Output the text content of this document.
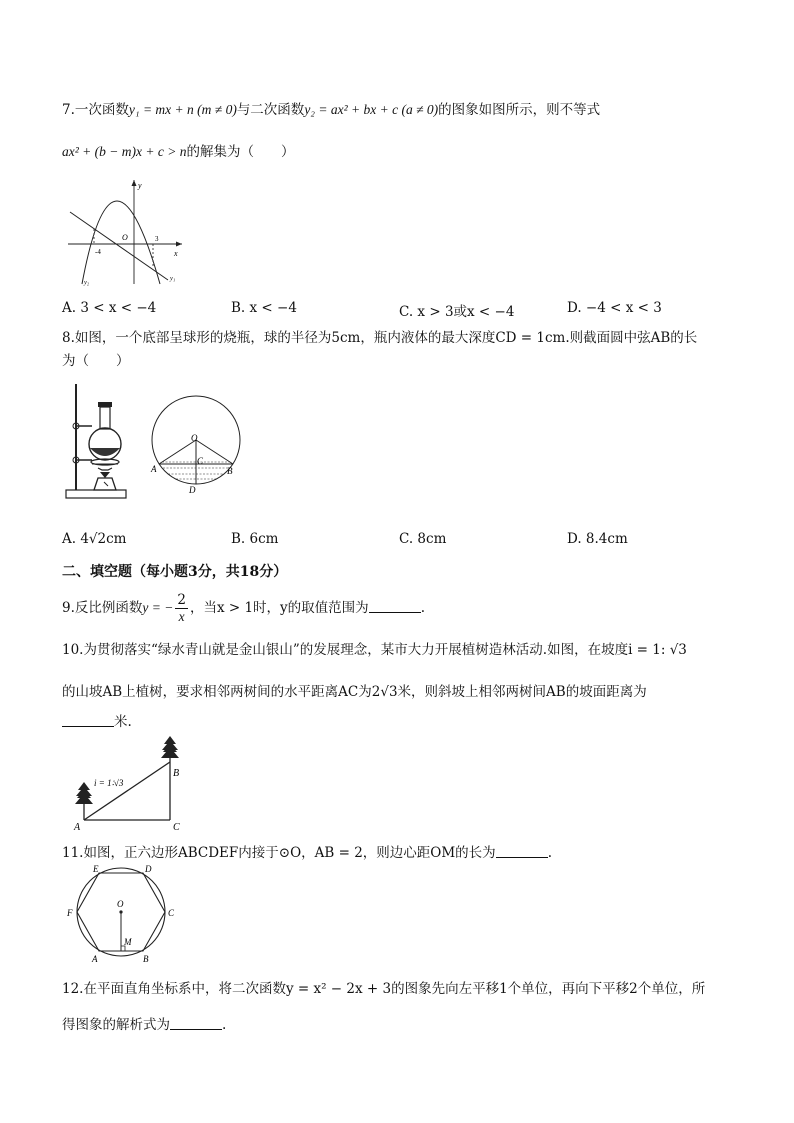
7.一次函数y₁ = mx + n (m ≠ 0)与二次函数y₂ = ax² + bx + c (a ≠ 0)的图象如图所示，则不等式
ax² + (b − m)x + c > n的解集为（　　）
y
x
O
-4
3
y₁
y₂
A. 3 < x < −4	B. x < −4	C. x > 3或x < −4	D. −4 < x < 3
8.如图，一个底部呈球形的烧瓶，球的半径为5cm，瓶内液体的最大深度CD = 1cm.则截面圆中弦AB的长
为（　　）
O
C
A	B
D
A. 4√2cm	B. 6cm	C. 8cm	D. 8.4cm
二、填空题（每小题3分，共18分）
9.反比例函数y = − $\frac{2}{x}$ ，当x > 1时，y的取值范围为	.
10.为贯彻落实“绿水青山就是金山银山”的发展理念，某市大力开展植树造林活动.如图，在坡度i = 1: √3
的山坡AB上植树，要求相邻两树间的水平距离AC为2√3米，则斜坡上相邻两树间AB的坡面距离为
米.
i = 1∶√3
A
B
C
11.如图，正六边形ABCDEF内接于⊙O，AB = 2，则边心距OM的长为	.
A	B
C
D
E
F
O
M
12.在平面直角坐标系中，将二次函数y = x² − 2x + 3的图象先向左平移1个单位，再向下平移2个单位，所
得图象的解析式为	.
